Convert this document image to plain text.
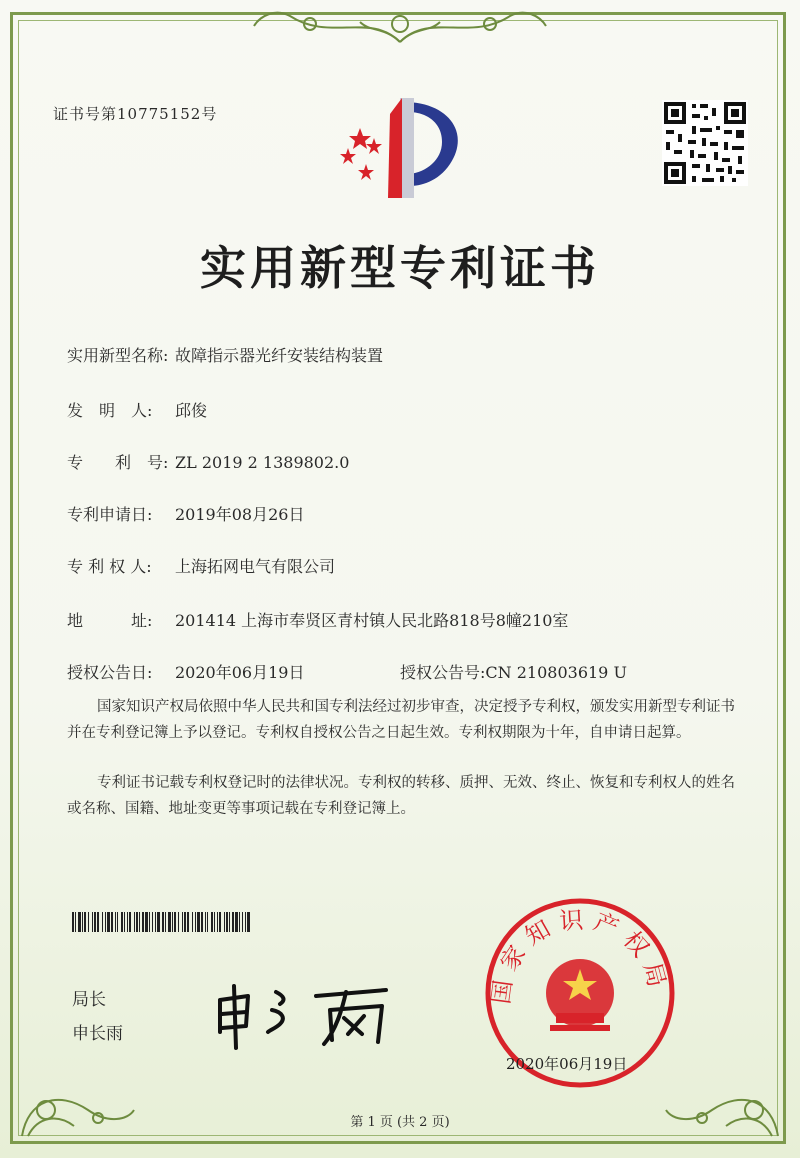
证书号第10775152号
实用新型专利证书
实用新型名称: 故障指示器光纤安装结构装置
发　明　人: 邱俊
专　　利　号: ZL 2019 2 1389802.0
专利申请日: 2019年08月26日
专 利 权 人: 上海拓网电气有限公司
地　　　址: 201414 上海市奉贤区青村镇人民北路818号8幢210室
授权公告日: 2020年06月19日	授权公告号:CN 210803619 U
国家知识产权局依照中华人民共和国专利法经过初步审查，决定授予专利权，颁发实用新型专利证书并在专利登记簿上予以登记。专利权自授权公告之日起生效。专利权期限为十年，自申请日起算。
专利证书记载专利权登记时的法律状况。专利权的转移、质押、无效、终止、恢复和专利权人的姓名或名称、国籍、地址变更等事项记载在专利登记簿上。
局长
申长雨
国家知识产权局
2020年06月19日
第 1 页 (共 2 页)
